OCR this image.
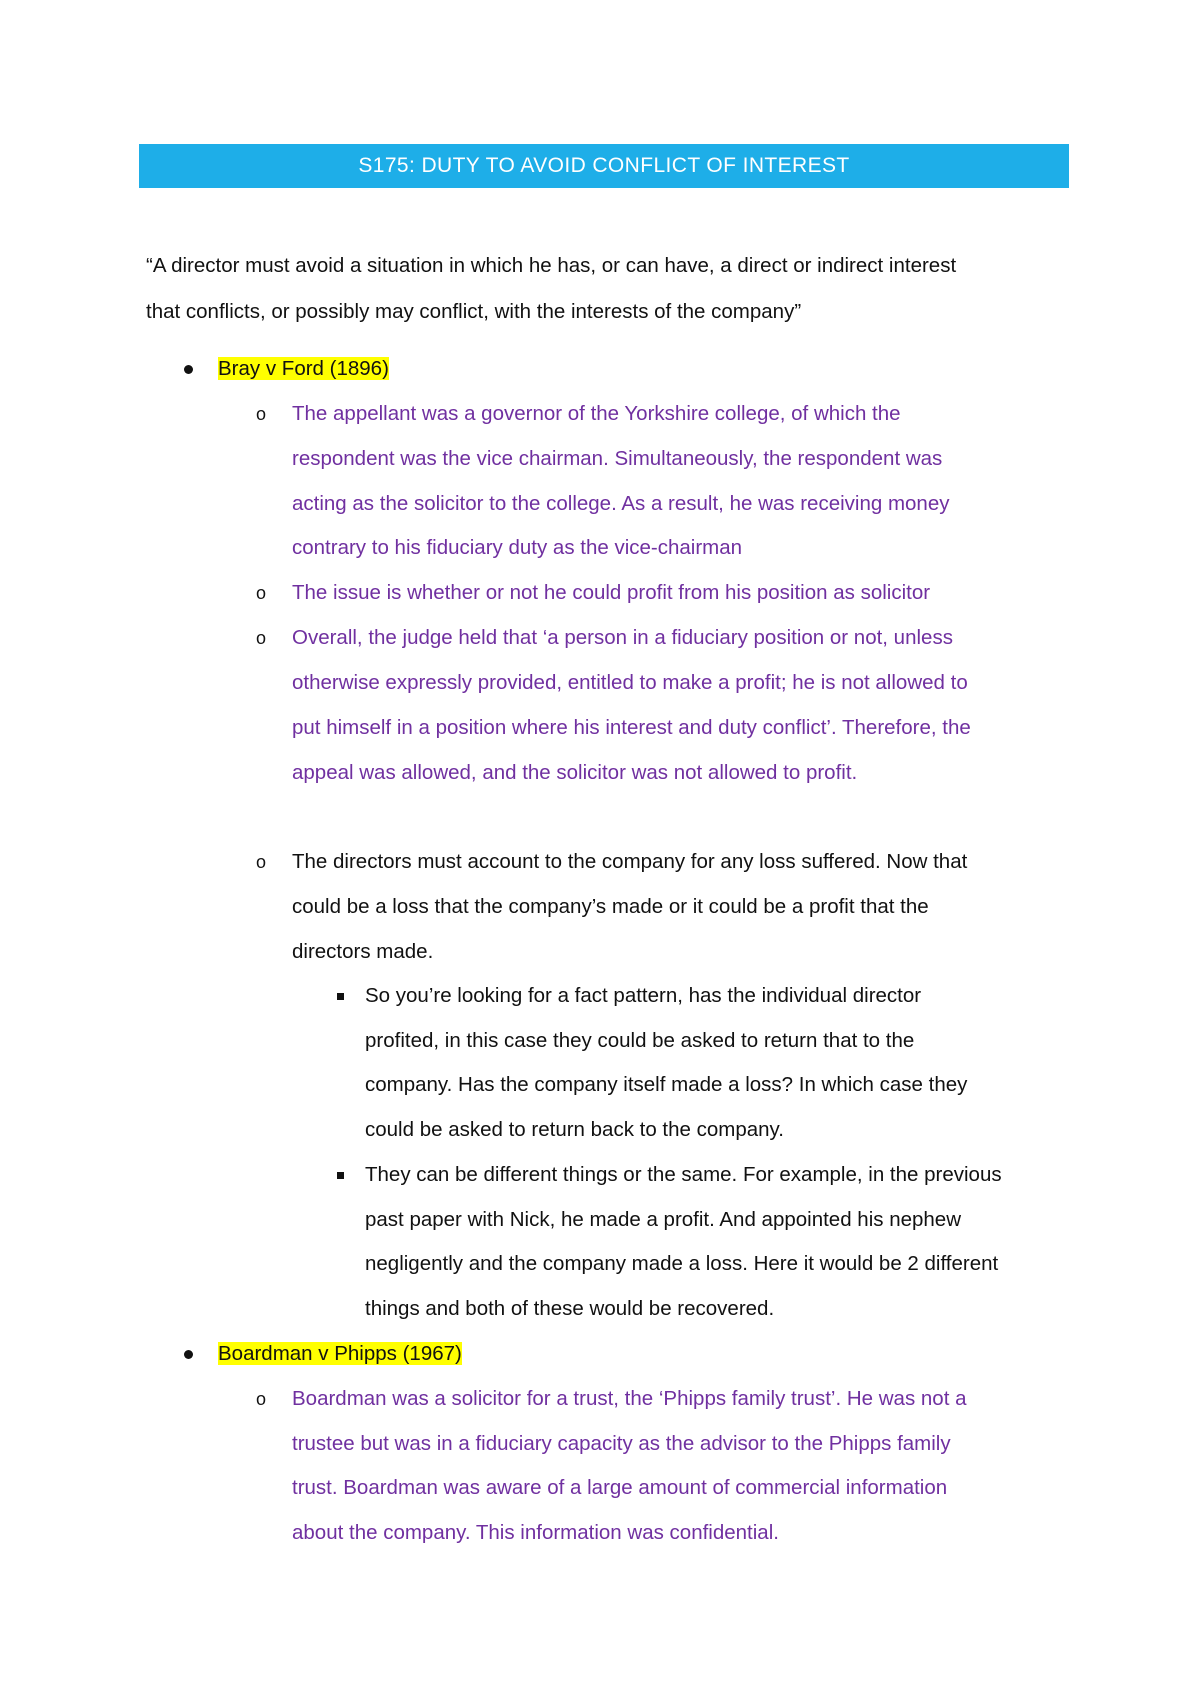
S175: DUTY TO AVOID CONFLICT OF INTEREST
“A director must avoid a situation in which he has, or can have, a direct or indirect interest
that conflicts, or possibly may conflict, with the interests of the company”
Bray v Ford (1896)
o The appellant was a governor of the Yorkshire college, of which the
respondent was the vice chairman. Simultaneously, the respondent was
acting as the solicitor to the college. As a result, he was receiving money
contrary to his fiduciary duty as the vice-chairman
o The issue is whether or not he could profit from his position as solicitor
o Overall, the judge held that ‘a person in a fiduciary position or not, unless
otherwise expressly provided, entitled to make a profit; he is not allowed to
put himself in a position where his interest and duty conflict’. Therefore, the
appeal was allowed, and the solicitor was not allowed to profit.
o The directors must account to the company for any loss suffered. Now that
could be a loss that the company’s made or it could be a profit that the
directors made.
So you’re looking for a fact pattern, has the individual director
profited, in this case they could be asked to return that to the
company. Has the company itself made a loss? In which case they
could be asked to return back to the company.
They can be different things or the same. For example, in the previous
past paper with Nick, he made a profit. And appointed his nephew
negligently and the company made a loss. Here it would be 2 different
things and both of these would be recovered.
Boardman v Phipps (1967)
o Boardman was a solicitor for a trust, the ‘Phipps family trust’. He was not a
trustee but was in a fiduciary capacity as the advisor to the Phipps family
trust. Boardman was aware of a large amount of commercial information
about the company. This information was confidential.
